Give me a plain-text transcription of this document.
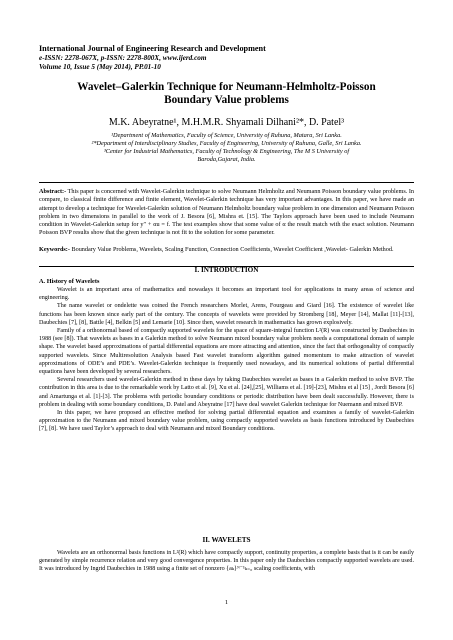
International Journal of Engineering Research and Development
e-ISSN: 2278-067X, p-ISSN: 2278-800X, www.ijerd.com
Volume 10, Issue 5 (May 2014), PP.01-10
Wavelet–Galerkin Technique for Neumann-Helmholtz-Poisson
Boundary Value problems
M.K. Abeyratne¹, M.H.M.R. Shyamali Dilhani²*, D. Patel³
¹Department of Mathematics, Faculty of Science, University of Ruhuna, Matara, Sri Lanka.
²*Department of Interdisciplinary Studies, Faculty of Engineering, University of Ruhuna, Galle, Sri Lanka.
³Center for Industrial Mathematics, Faculty of Technology & Engineering, The M S University of
Baroda,Gujarat, India.
Abstract:- This paper is concerned with Wavelet-Galerkin technique to solve Neumann Helmholtz and Neumann Poisson boundary value problems. In compare, to classical finite difference and finite element, Wavelet-Galerkin technique has very important advantages. In this paper, we have made an attempt to develop a technique for Wavelet-Galerkin solution of Neumann Helmholtz boundary value problem in one dimension and Neumann Poisson problem in two dimensions in parallel to the work of J. Besora [6], Mishra et. [15]. The Taylors approach have been used to include Neumann condition in Wavelet-Galerkin setup for y″ + αu = f. The test examples show that some value of α the result match with the exact solution. Neumann Poisson BVP results show that the given technique is not fit to the solution for some parameter.
Keywords:- Boundary Value Problems, Wavelets, Scaling Function, Connection Coefficients, Wavelet Coefficient ,Wavelet- Galerkin Method.
I. INTRODUCTION
A. History of Wavelets

Wavelet is an important area of mathematics and nowadays it becomes an important tool for applications in many areas of science and engineering.

The name wavelet or ondelette was coined the French researchers Morlet, Arens, Fourgeau and Giard [16]. The existence of wavelet like functions has been known since early part of the century. The concepts of wavelets were provided by Stromberg [18], Meyer [14], Mallat [11]-[13], Daubechies [7], [8], Battle [4], Belkin [5] and Lemarie [10]. Since then, wavelet research in mathematics has grown explosively.

Family of a orthonormal based of compactly supported wavelets for the space of square-integral function L²(R) was constructed by Daubechies in 1988 (see [8]). That wavelets as bases in a Galerkin method to solve Neumann mixed boundary value problem needs a computational domain of sample shape. The wavelet based approximations of partial differential equations are more attracting and attention, since the fact that orthogonality of compactly supported wavelets. Since Multiresolution Analysis based Fast wavelet transform algorithm gained momentum to make attraction of wavelet approximations of ODE’s and PDE’s. Wavelet-Galerkin technique is frequently used nowadays, and its numerical solutions of partial differential equations have been developed by several researchers.

Several researchers used wavelet-Galerkin method in these days by taking Daubechies wavelet as bases in a Galerkin method to solve BVP. The contribution in this area is due to the remarkable work by Latto et al. [9], Xu et al. [24],[25], Williams et al. [19]-[23], Mishra et al [15] , Jordi Besora [6] and Amartunga et al. [1]-[3]. The problems with periodic boundary conditions or periodic distribution have been dealt successfully. However, there is problem in dealing with some boundary conditions, D. Patel and Abeyratne [17] have deal wavelet Galerkin technique for Nuemann and mixed BVP.

In this paper, we have proposed an effective method for solving partial differential equation and examines a family of wavelet-Galerkin approximation to the Neumann and mixed boundary value problem, using compactly supported wavelets as basis functions introduced by Daubechies [7], [8]. We have used Taylor’s approach to deal with Neumann and mixed Boundary conditions.

II. WAVELETS

Wavelets are an orthonormal basis functions in L²(R) which have compactly support, continuity properties, a complete basis that is it can be easily generated by simple recurrence relation and very good convergence properties. In this paper only the Daubechies compactly supported wavelets are used. It was introduced by Ingrid Daubechies in 1988 using a finite set of nonzero {aₖ}ᴺ⁻¹ₖ₌₀ scaling coefficients, with

1
